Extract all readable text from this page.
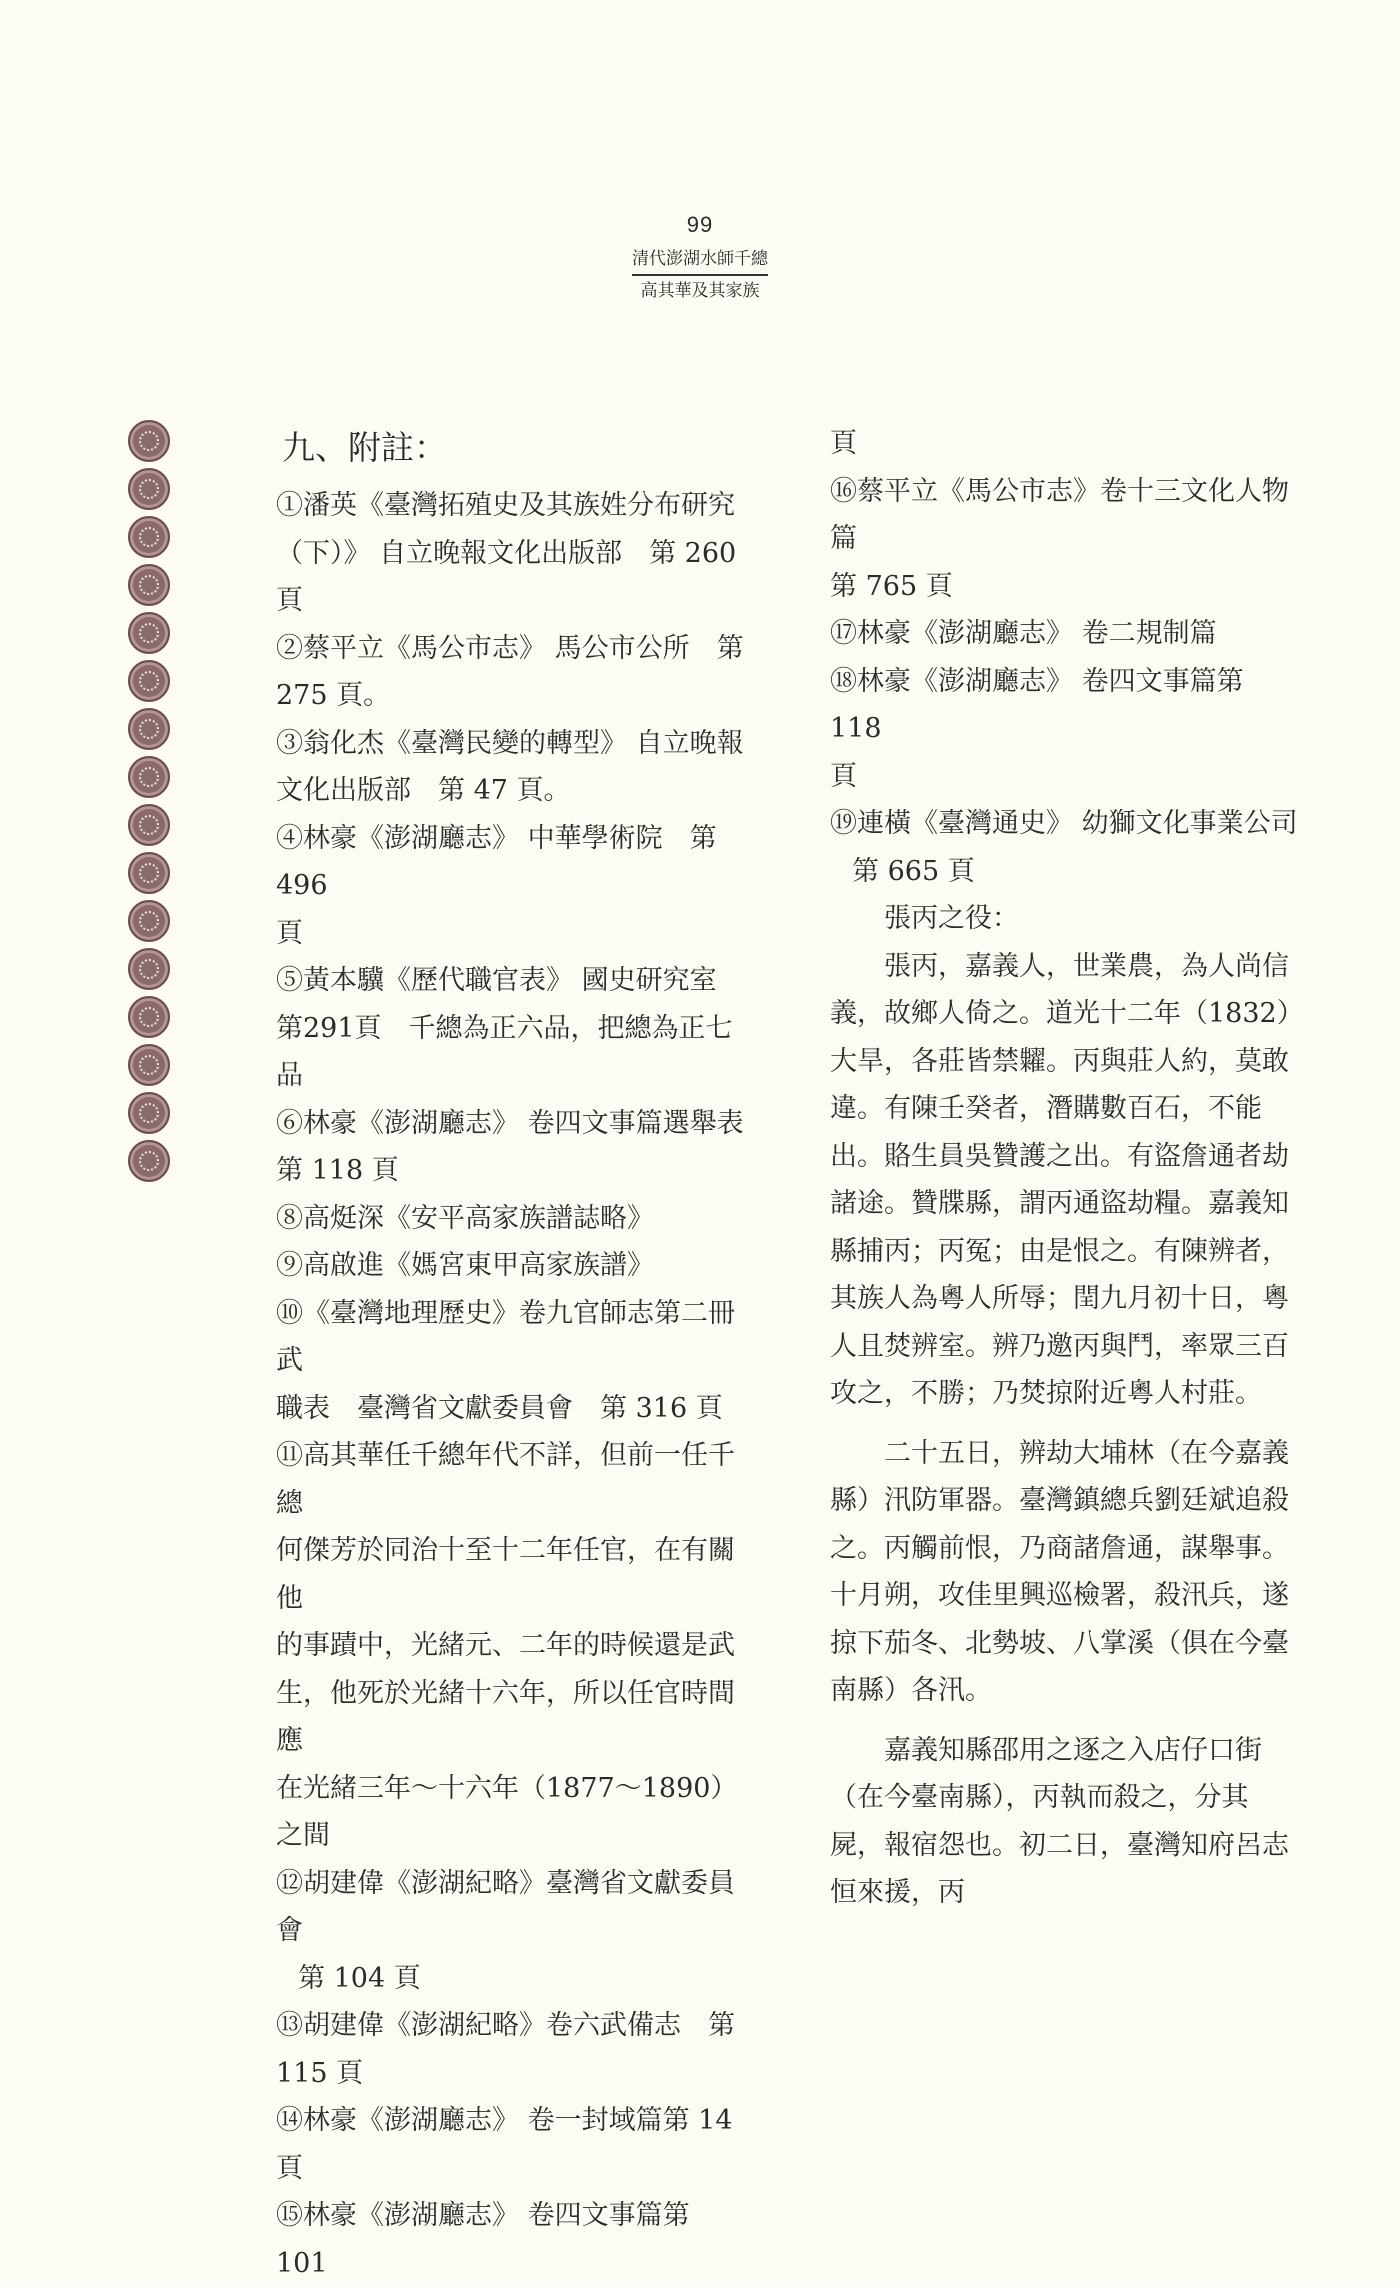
99
清代澎湖水師千總
高其華及其家族
九、附註：

①潘英《臺灣拓殖史及其族姓分布研究

（下）》 自立晚報文化出版部　第 260 頁

②蔡平立《馬公市志》 馬公市公所　第

275 頁。

③翁化杰《臺灣民變的轉型》 自立晚報

文化出版部　第 47 頁。

④林豪《澎湖廳志》 中華學術院　第496

頁

⑤黃本驥《歷代職官表》 國史研究室

第291頁　千總為正六品，把總為正七品

⑥林豪《澎湖廳志》 卷四文事篇選舉表

第 118 頁

⑧高烶深《安平高家族譜誌略》

⑨高啟進《媽宮東甲高家族譜》

⑩《臺灣地理歷史》卷九官師志第二冊武

職表　臺灣省文獻委員會　第 316 頁

⑪高其華任千總年代不詳，但前一任千總

何傑芳於同治十至十二年任官，在有關他

的事蹟中，光緒元、二年的時候還是武

生，他死於光緒十六年，所以任官時間應

在光緒三年～十六年（1877～1890）之間

⑫胡建偉《澎湖紀略》臺灣省文獻委員會

第 104 頁

⑬胡建偉《澎湖紀略》卷六武備志　第

115 頁

⑭林豪《澎湖廳志》 卷一封域篇第 14 頁

⑮林豪《澎湖廳志》 卷四文事篇第 101

頁

⑯蔡平立《馬公市志》卷十三文化人物篇

第 765 頁

⑰林豪《澎湖廳志》 卷二規制篇

⑱林豪《澎湖廳志》 卷四文事篇第 118

頁

⑲連橫《臺灣通史》 幼獅文化事業公司

第 665 頁

張丙之役：

張丙，嘉義人，世業農，為人尚信義，故鄉人倚之。道光十二年（1832）大旱，各莊皆禁糶。丙與莊人約，莫敢違。有陳壬癸者，潛購數百石，不能出。賂生員吳贊護之出。有盜詹通者劫諸途。贊牒縣，謂丙通盜劫糧。嘉義知縣捕丙；丙冤；由是恨之。有陳辨者，其族人為粵人所辱；閏九月初十日，粵人且焚辨室。辨乃邀丙與鬥，率眾三百攻之，不勝；乃焚掠附近粵人村莊。

二十五日，辨劫大埔林（在今嘉義縣）汛防軍器。臺灣鎮總兵劉廷斌追殺之。丙觸前恨，乃商諸詹通，謀舉事。十月朔，攻佳里興巡檢署，殺汛兵，遂掠下茄冬、北勢坡、八掌溪（俱在今臺南縣）各汛。

嘉義知縣邵用之逐之入店仔口街（在今臺南縣），丙執而殺之，分其屍，報宿怨也。初二日，臺灣知府呂志恒來援，丙
